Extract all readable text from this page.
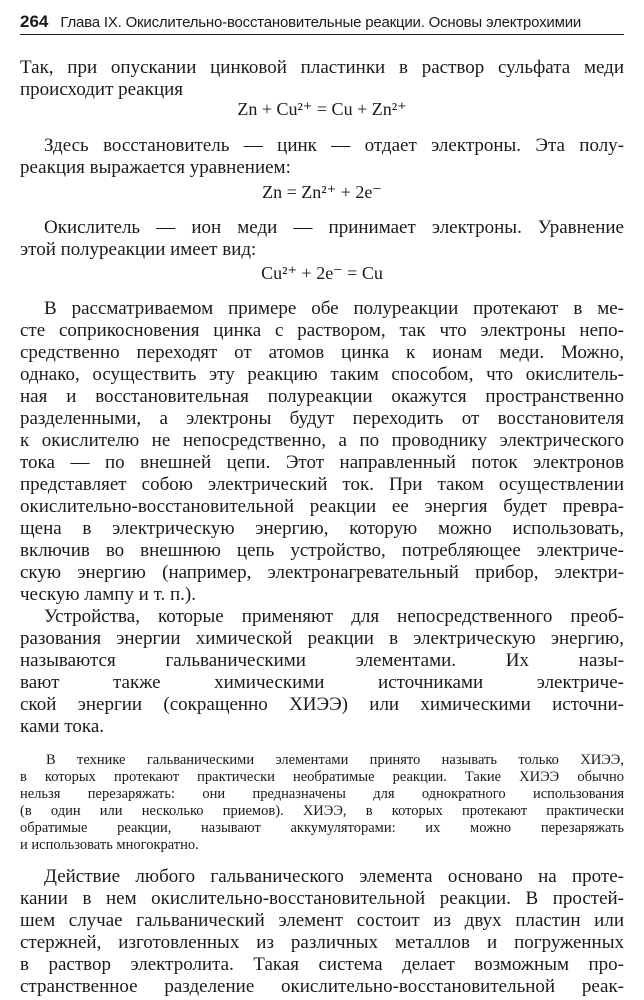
264 Глава IX. Окислительно-восстановительные реакции. Основы электрохимии
Так, при опускании цинковой пластинки в раствор сульфата меди
происходит реакция
Zn + Cu²⁺ = Cu + Zn²⁺
Здесь восстановитель — цинк — отдает электроны. Эта полу-
реакция выражается уравнением:
Zn = Zn²⁺ + 2e⁻
Окислитель — ион меди — принимает электроны. Уравнение
этой полуреакции имеет вид:
Cu²⁺ + 2e⁻ = Cu
В рассматриваемом примере обе полуреакции протекают в ме-
сте соприкосновения цинка с раствором, так что электроны непо-
средственно переходят от атомов цинка к ионам меди. Можно,
однако, осуществить эту реакцию таким способом, что окислитель-
ная и восстановительная полуреакции окажутся пространственно
разделенными, а электроны будут переходить от восстановителя
к окислителю не непосредственно, а по проводнику электрического
тока — по внешней цепи. Этот направленный поток электронов
представляет собою электрический ток. При таком осуществлении
окислительно-восстановительной реакции ее энергия будет превра-
щена в электрическую энергию, которую можно использовать,
включив во внешнюю цепь устройство, потребляющее электриче-
скую энергию (например, электронагревательный прибор, электри-
ческую лампу и т. п.).
Устройства, которые применяют для непосредственного преоб-
разования энергии химической реакции в электрическую энергию,
называются гальваническими элементами. Их назы-
вают также химическими источниками электриче-
ской энергии (сокращенно ХИЭЭ) или химическими источни-
ками тока.
В технике гальваническими элементами принято называть только ХИЭЭ,
в которых протекают практически необратимые реакции. Такие ХИЭЭ обычно
нельзя перезаряжать: они предназначены для однократного использования
(в один или несколько приемов). ХИЭЭ, в которых протекают практически
обратимые реакции, называют аккумуляторами: их можно перезаряжать
и использовать многократно.
Действие любого гальванического элемента основано на проте-
кании в нем окислительно-восстановительной реакции. В простей-
шем случае гальванический элемент состоит из двух пластин или
стержней, изготовленных из различных металлов и погруженных
в раствор электролита. Такая система делает возможным про-
странственное разделение окислительно-восстановительной реак-
